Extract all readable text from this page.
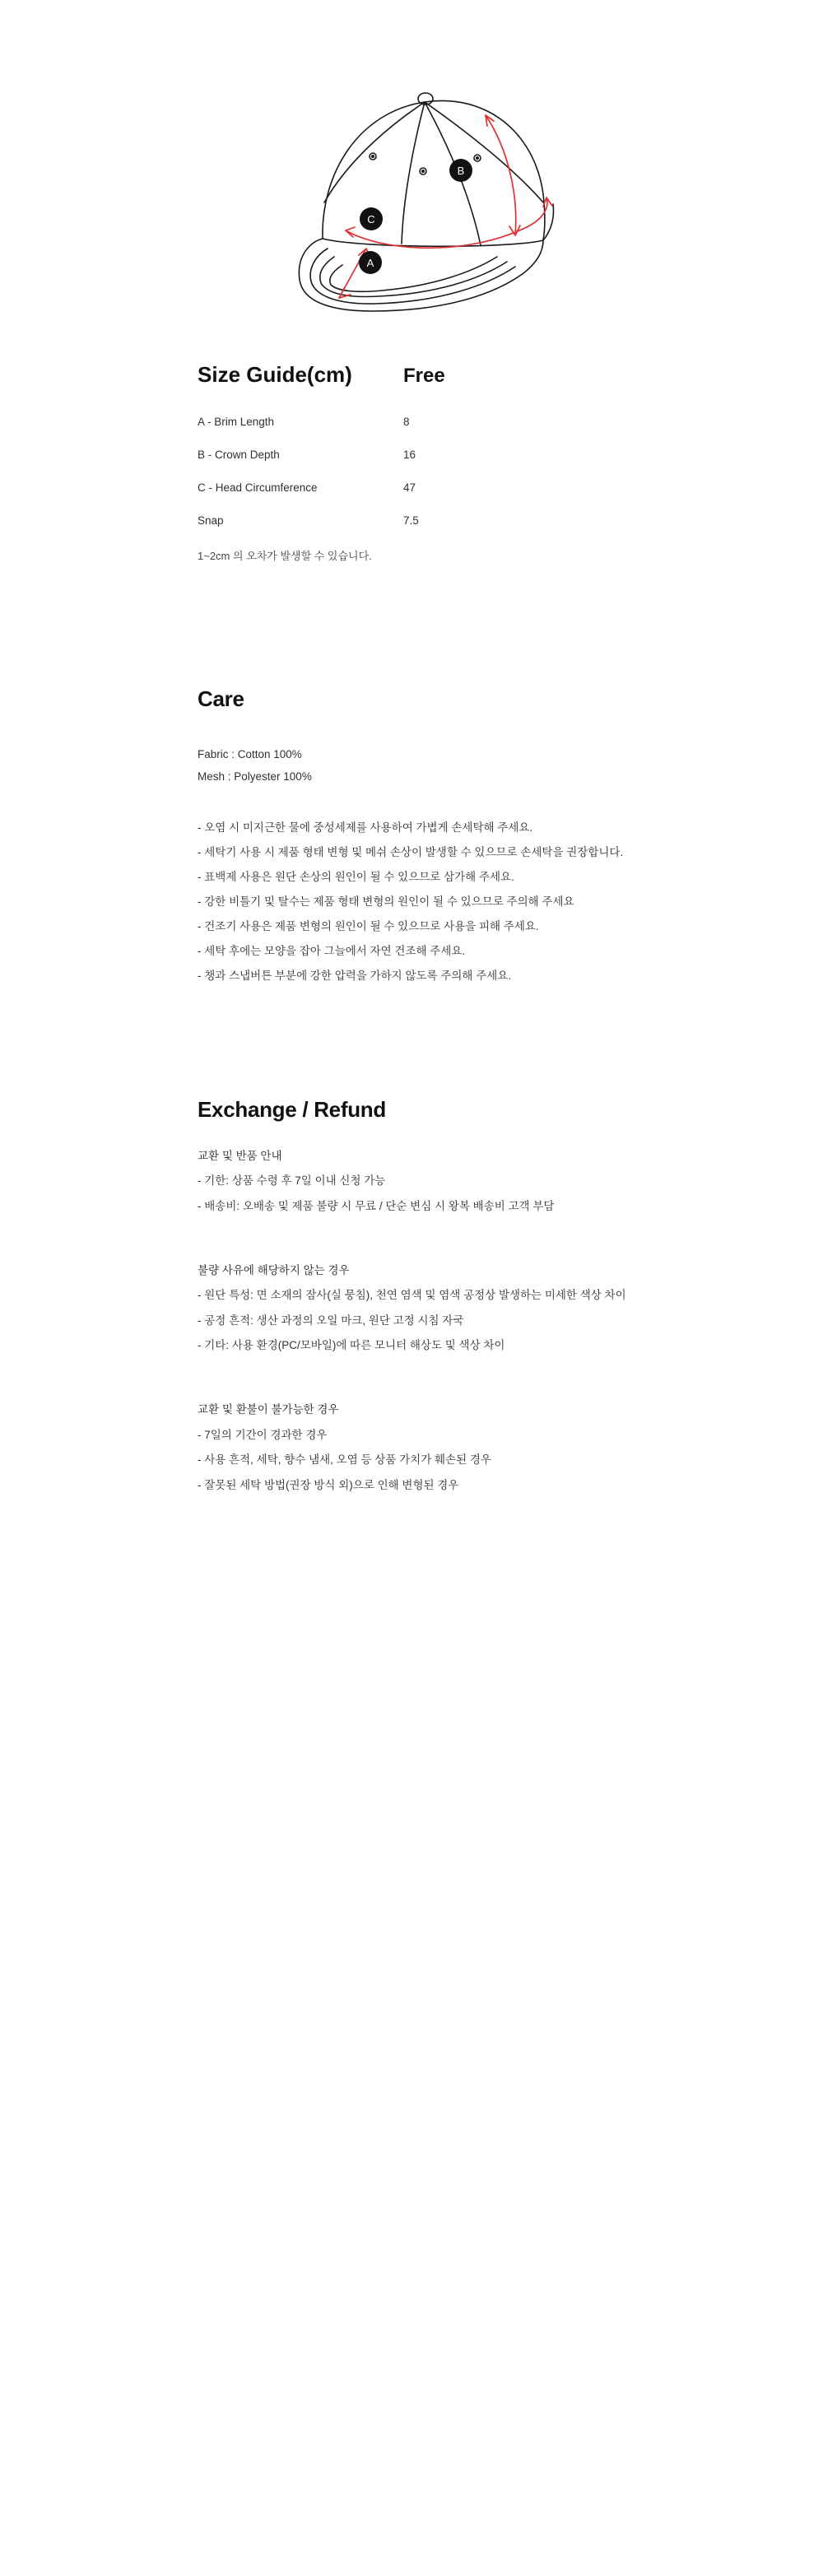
A
B
C
Size Guide(cm)	Free
A - Brim Length	8
B - Crown Depth	16
C - Head Circumference	47
Snap	7.5
1~2cm 의 오차가 발생할 수 있습니다.
Care
Fabric : Cotton 100%
Mesh : Polyester 100%
- 오염 시 미지근한 물에 중성세제를 사용하여 가볍게 손세탁해 주세요.
- 세탁기 사용 시 제품 형태 변형 및 메쉬 손상이 발생할 수 있으므로 손세탁을 권장합니다.
- 표백제 사용은 원단 손상의 원인이 될 수 있으므로 삼가해 주세요.
- 강한 비틀기 및 탈수는 제품 형태 변형의 원인이 될 수 있으므로 주의해 주세요
- 건조기 사용은 제품 변형의 원인이 될 수 있으므로 사용을 피해 주세요.
- 세탁 후에는 모양을 잡아 그늘에서 자연 건조해 주세요.
- 챙과 스냅버튼 부분에 강한 압력을 가하지 않도록 주의해 주세요.
Exchange / Refund
교환 및 반품 안내
- 기한: 상품 수령 후 7일 이내 신청 가능
- 배송비: 오배송 및 제품 불량 시 무료 / 단순 변심 시 왕복 배송비 고객 부담
불량 사유에 해당하지 않는 경우
- 원단 특성: 면 소재의 잠사(실 뭉침), 천연 염색 및 염색 공정상 발생하는 미세한 색상 차이
- 공정 흔적: 생산 과정의 오일 마크, 원단 고정 시침 자국
- 기타: 사용 환경(PC/모바일)에 따른 모니터 해상도 및 색상 차이
교환 및 환불이 불가능한 경우
- 7일의 기간이 경과한 경우
- 사용 흔적, 세탁, 향수 냄새, 오염 등 상품 가치가 훼손된 경우
- 잘못된 세탁 방법(권장 방식 외)으로 인해 변형된 경우
